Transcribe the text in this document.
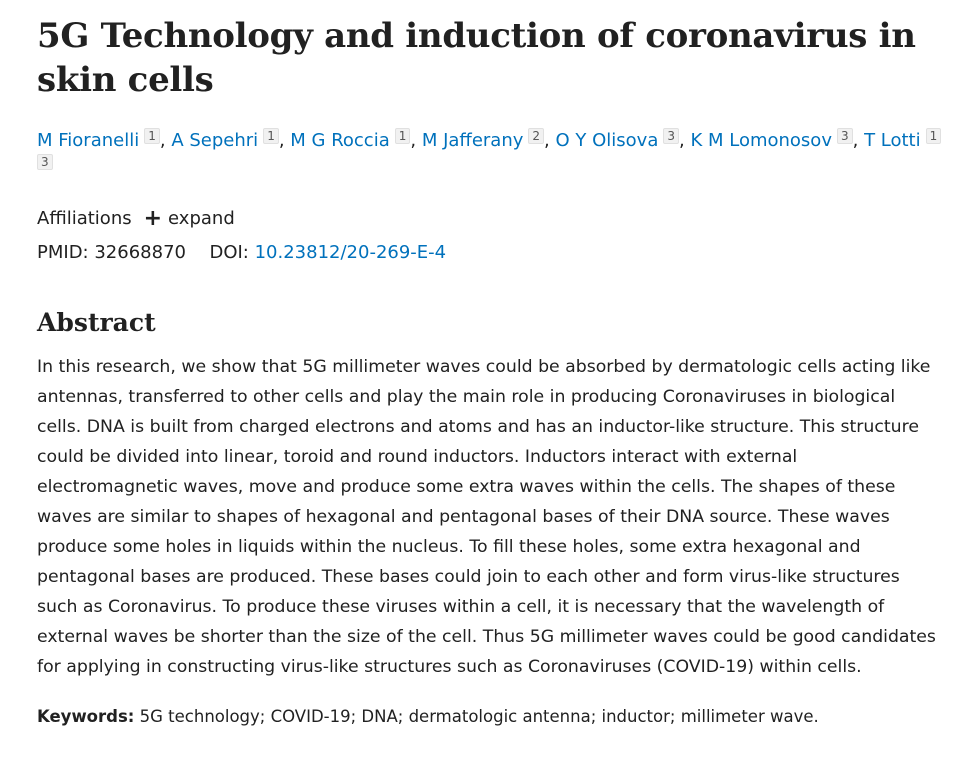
5G Technology and induction of coronavirus in skin cells
M Fioranelli 1 , A Sepehri 1 , M G Roccia 1 , M Jafferany 2 , O Y Olisova 3 , K M Lomonosov 3 , T Lotti 1
3
Affiliations + expand
PMID: 32668870 DOI: 10.23812/20-269-E-4
Abstract

In this research, we show that 5G millimeter waves could be absorbed by dermatologic cells acting like antennas, transferred to other cells and play the main role in producing Coronaviruses in biological cells. DNA is built from charged electrons and atoms and has an inductor-like structure. This structure could be divided into linear, toroid and round inductors. Inductors interact with external electromagnetic waves, move and produce some extra waves within the cells. The shapes of these waves are similar to shapes of hexagonal and pentagonal bases of their DNA source. These waves produce some holes in liquids within the nucleus. To fill these holes, some extra hexagonal and pentagonal bases are produced. These bases could join to each other and form virus-like structures such as Coronavirus. To produce these viruses within a cell, it is necessary that the wavelength of external waves be shorter than the size of the cell. Thus 5G millimeter waves could be good candidates for applying in constructing virus-like structures such as Coronaviruses (COVID-19) within cells.

Keywords: 5G technology; COVID-19; DNA; dermatologic antenna; inductor; millimeter wave.
